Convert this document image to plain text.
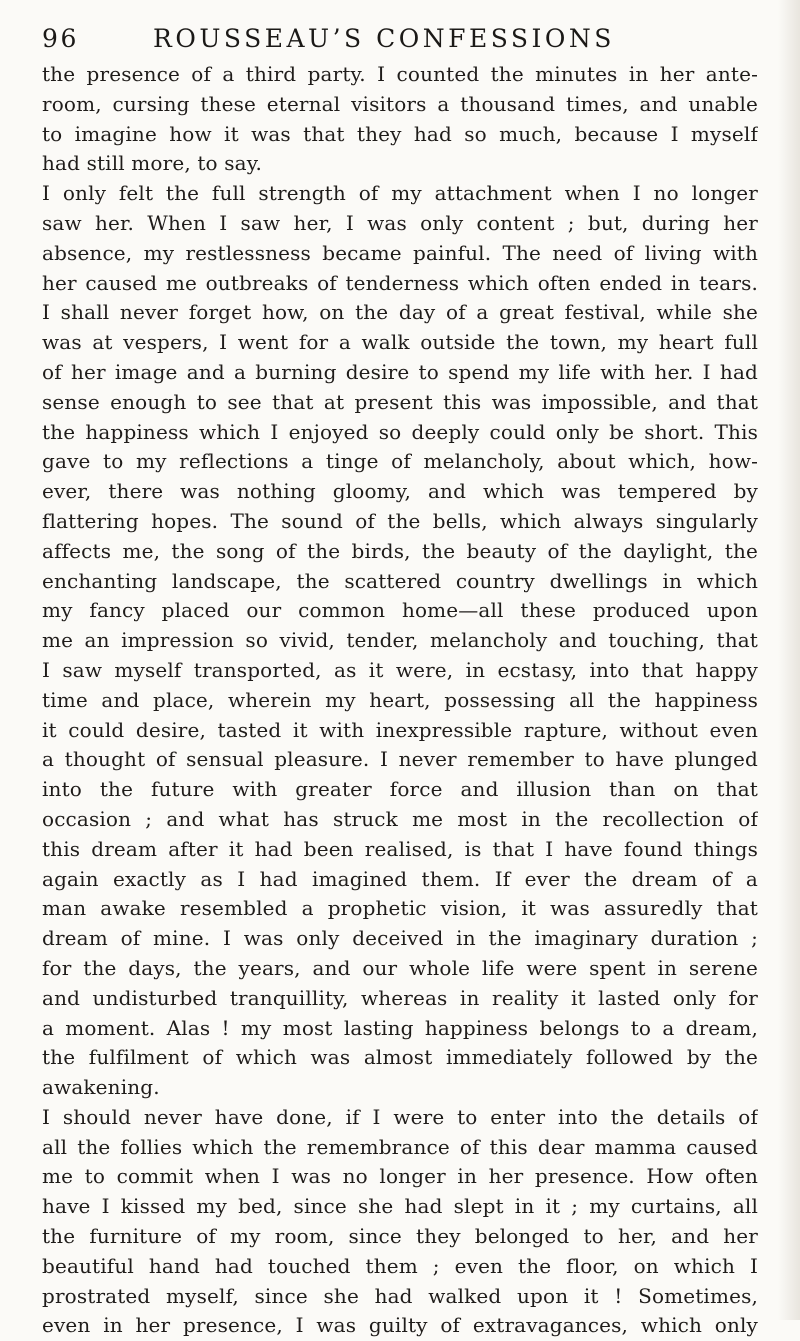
96	ROUSSEAU’S CONFESSIONS
the presence of a third party. I counted the minutes in her ante-
room, cursing these eternal visitors a thousand times, and unable
to imagine how it was that they had so much, because I myself
had still more, to say.
I only felt the full strength of my attachment when I no longer
saw her. When I saw her, I was only content ; but, during her
absence, my restlessness became painful. The need of living with
her caused me outbreaks of tenderness which often ended in tears.
I shall never forget how, on the day of a great festival, while she
was at vespers, I went for a walk outside the town, my heart full
of her image and a burning desire to spend my life with her. I had
sense enough to see that at present this was impossible, and that
the happiness which I enjoyed so deeply could only be short. This
gave to my reflections a tinge of melancholy, about which, how-
ever, there was nothing gloomy, and which was tempered by
flattering hopes. The sound of the bells, which always singularly
affects me, the song of the birds, the beauty of the daylight, the
enchanting landscape, the scattered country dwellings in which
my fancy placed our common home—all these produced upon
me an impression so vivid, tender, melancholy and touching, that
I saw myself transported, as it were, in ecstasy, into that happy
time and place, wherein my heart, possessing all the happiness
it could desire, tasted it with inexpressible rapture, without even
a thought of sensual pleasure. I never remember to have plunged
into the future with greater force and illusion than on that
occasion ; and what has struck me most in the recollection of
this dream after it had been realised, is that I have found things
again exactly as I had imagined them. If ever the dream of a
man awake resembled a prophetic vision, it was assuredly that
dream of mine. I was only deceived in the imaginary duration ;
for the days, the years, and our whole life were spent in serene
and undisturbed tranquillity, whereas in reality it lasted only for
a moment. Alas ! my most lasting happiness belongs to a dream,
the fulfilment of which was almost immediately followed by the
awakening.
I should never have done, if I were to enter into the details of
all the follies which the remembrance of this dear mamma caused
me to commit when I was no longer in her presence. How often
have I kissed my bed, since she had slept in it ; my curtains, all
the furniture of my room, since they belonged to her, and her
beautiful hand had touched them ; even the floor, on which I
prostrated myself, since she had walked upon it ! Sometimes,
even in her presence, I was guilty of extravagances, which only
